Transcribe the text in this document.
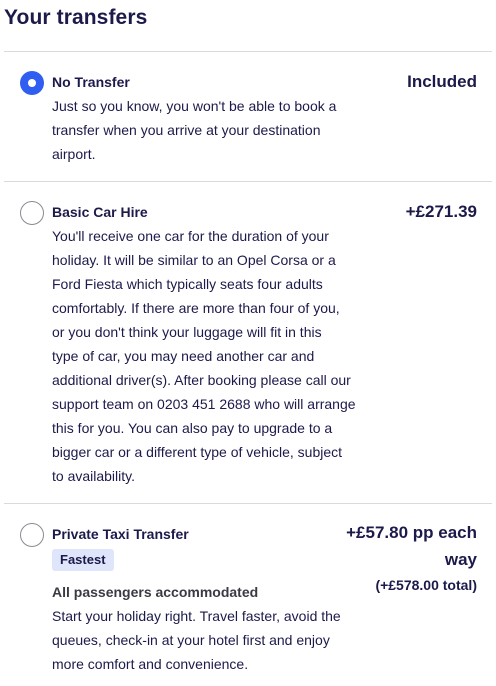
Your transfers
No Transfer	Included
Just so you know, you won't be able to book a
transfer when you arrive at your destination
airport.
Basic Car Hire	+£271.39
You'll receive one car for the duration of your
holiday. It will be similar to an Opel Corsa or a
Ford Fiesta which typically seats four adults
comfortably. If there are more than four of you,
or you don't think your luggage will fit in this
type of car, you may need another car and
additional driver(s). After booking please call our
support team on 0203 451 2688 who will arrange
this for you. You can also pay to upgrade to a
bigger car or a different type of vehicle, subject
to availability.
Private Taxi Transfer	+£57.80 pp each
way
(+£578.00 total)
Fastest
All passengers accommodated
Start your holiday right. Travel faster, avoid the
queues, check-in at your hotel first and enjoy
more comfort and convenience.
